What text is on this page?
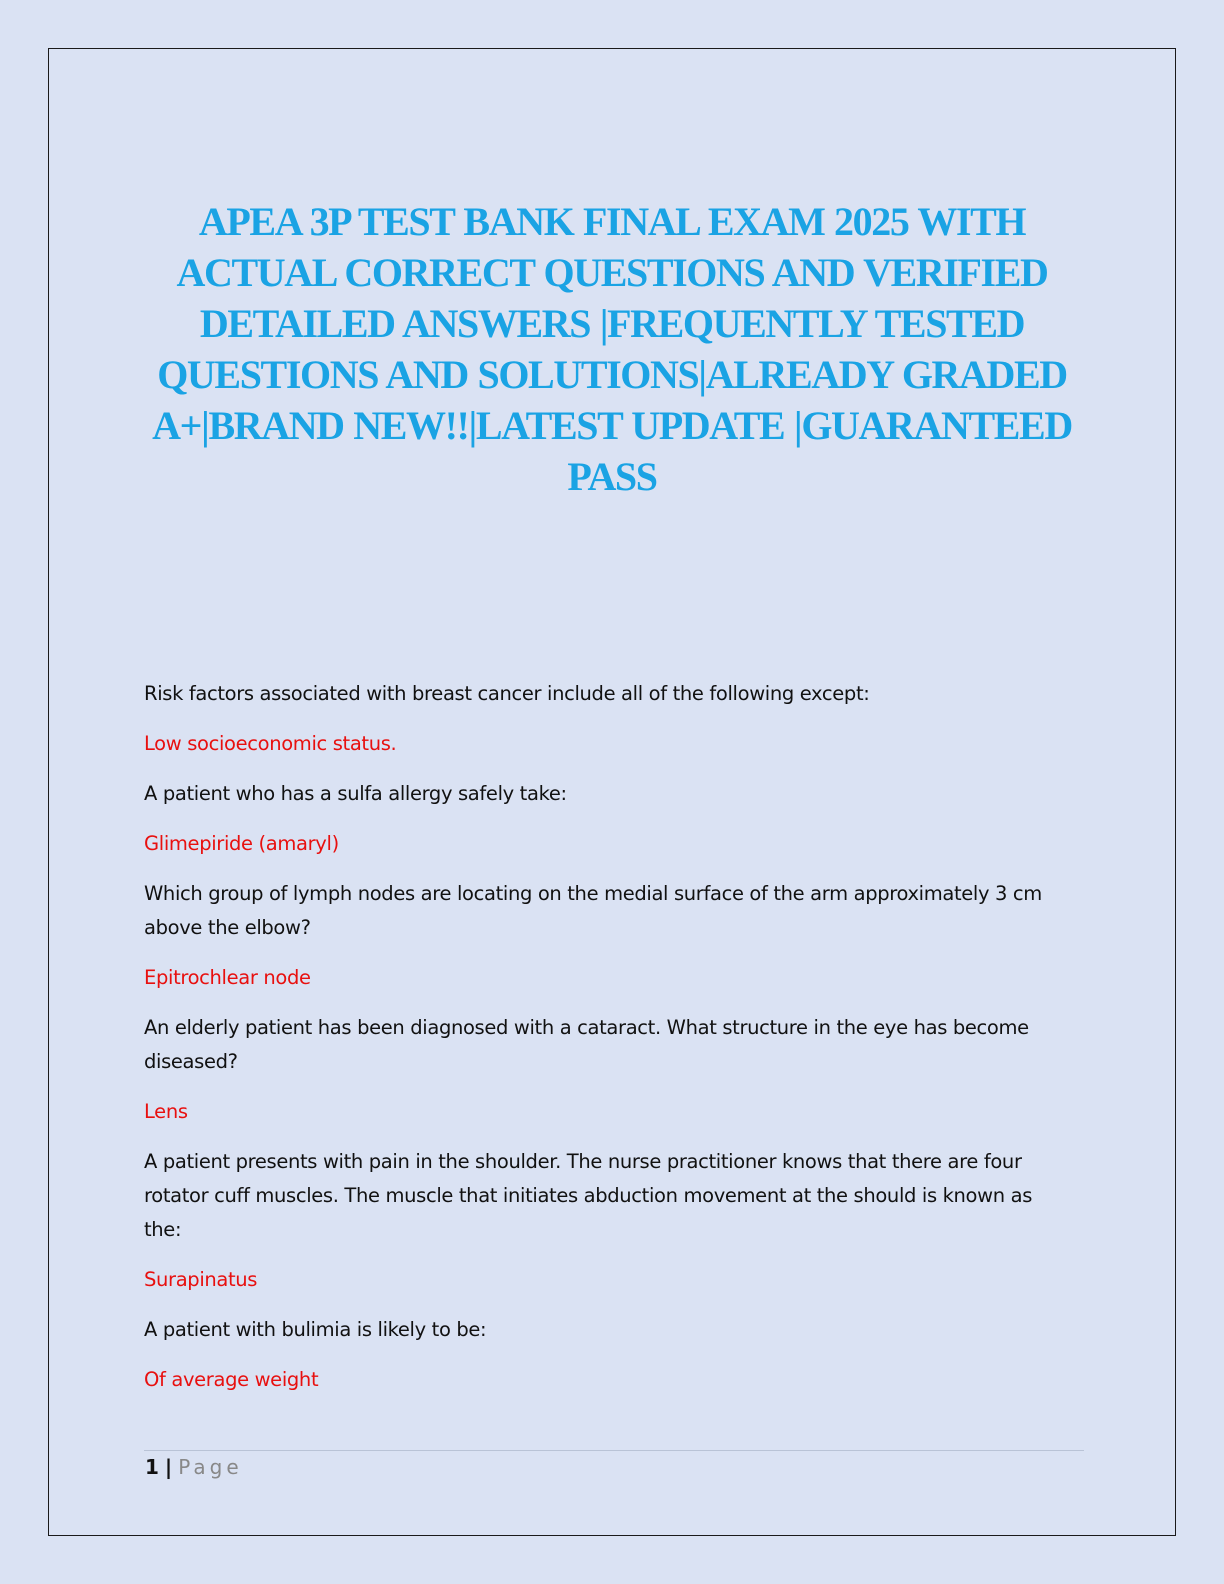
APEA 3P TEST BANK FINAL EXAM 2025 WITH ACTUAL CORRECT QUESTIONS AND VERIFIED DETAILED ANSWERS |FREQUENTLY TESTED QUESTIONS AND SOLUTIONS|ALREADY GRADED A+|BRAND NEW!!|LATEST UPDATE |GUARANTEED PASS

Risk factors associated with breast cancer include all of the following except:

Low socioeconomic status.

A patient who has a sulfa allergy safely take:

Glimepiride (amaryl)

Which group of lymph nodes are locating on the medial surface of the arm approximately 3 cm above the elbow?

Epitrochlear node

An elderly patient has been diagnosed with a cataract. What structure in the eye has become diseased?

Lens

A patient presents with pain in the shoulder. The nurse practitioner knows that there are four rotator cuff muscles. The muscle that initiates abduction movement at the should is known as the:

Surapinatus

A patient with bulimia is likely to be:

Of average weight

1 | Page
